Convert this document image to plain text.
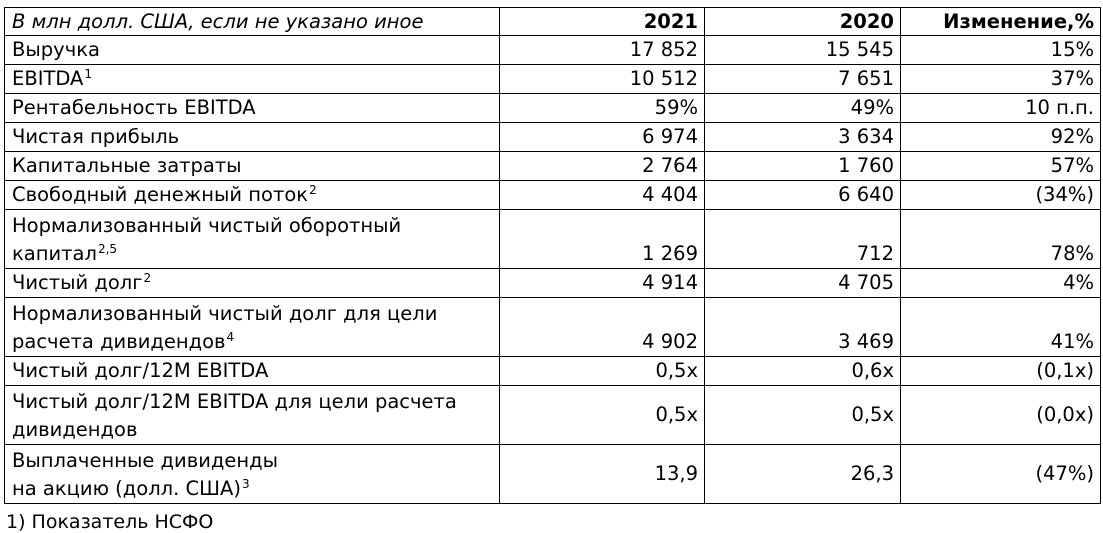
В млн долл. США, если не указано иное	2021	2020	Изменение,%
Выручка	17 852	15 545	15%
EBITDA$^1$	10 512	7 651	37%
Рентабельность EBITDA	59%	49%	10 п.п.
Чистая прибыль	6 974	3 634	92%
Капитальные затраты	2 764	1 760	57%
Свободный денежный поток$^2$	4 404	6 640	(34%)
Нормализованный чистый оборотный
капитал$^{2,5}$	1 269	712	78%
Чистый долг$^2$	4 914	4 705	4%
Нормализованный чистый долг для цели
расчета дивидендов$^4$	4 902	3 469	41%
Чистый долг/12M EBITDA	0,5x	0,6x	(0,1x)
Чистый долг/12M EBITDA для цели расчета
дивидендов	0,5x	0,5x	(0,0x)
Выплаченные дивиденды
на акцию (долл. США)$^3$	13,9	26,3	(47%)
1) Показатель НСФО
